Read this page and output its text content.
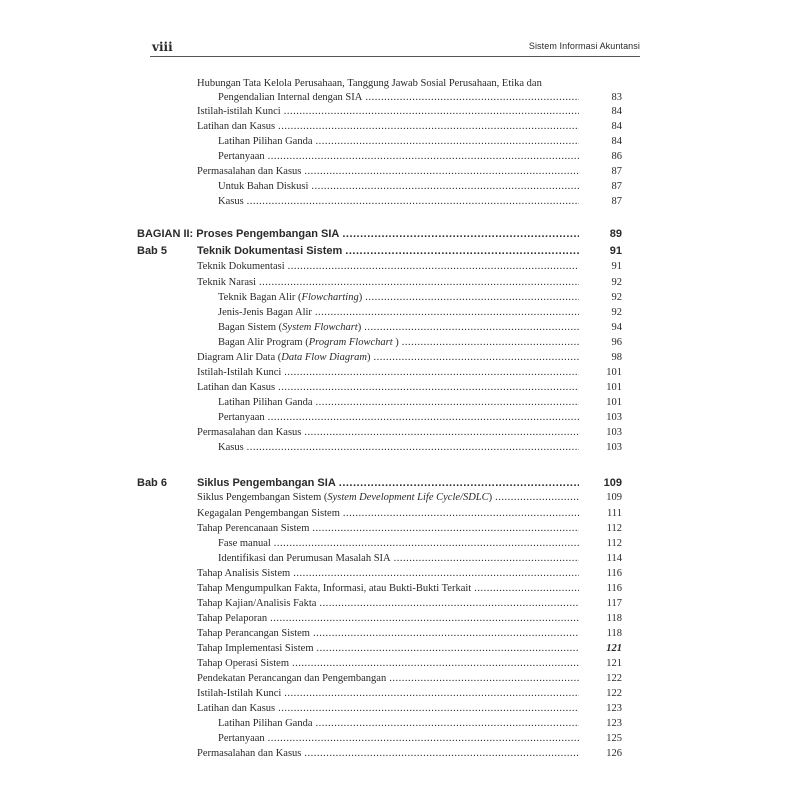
viii	Sistem Informasi Akuntansi
Hubungan Tata Kelola Perusahaan, Tanggung Jawab Sosial Perusahaan, Etika dan
Pengendalian Internal dengan SIA .....	83
Istilah-istilah Kunci .....	84
Latihan dan Kasus .....	84
Latihan Pilihan Ganda .....	84
Pertanyaan .....	86
Permasalahan dan Kasus .....	87
Untuk Bahan Diskusi .....	87
Kasus .....	87
BAGIAN II: Proses Pengembangan SIA .....	89
Bab 5	Teknik Dokumentasi Sistem .....	91
Teknik Dokumentasi .....	91
Teknik Narasi .....	92
Teknik Bagan Alir (Flowcharting) .....	92
Jenis-Jenis Bagan Alir .....	92
Bagan Sistem (System Flowchart) .....	94
Bagan Alir Program (Program Flowchart ) .....	96
Diagram Alir Data (Data Flow Diagram) .....	98
Istilah-Istilah Kunci .....	101
Latihan dan Kasus .....	101
Latihan Pilihan Ganda .....	101
Pertanyaan .....	103
Permasalahan dan Kasus .....	103
Kasus .....	103
Bab 6	Siklus Pengembangan SIA .....	109
Siklus Pengembangan Sistem (System Development Life Cycle/SDLC) .....	109
Kegagalan Pengembangan Sistem .....	111
Tahap Perencanaan Sistem .....	112
Fase manual .....	112
Identifikasi dan Perumusan Masalah SIA .....	114
Tahap Analisis Sistem .....	116
Tahap Mengumpulkan Fakta, Informasi, atau Bukti-Bukti Terkait .....	116
Tahap Kajian/Analisis Fakta .....	117
Tahap Pelaporan .....	118
Tahap Perancangan Sistem .....	118
Tahap Implementasi Sistem .....	121
Tahap Operasi Sistem .....	121
Pendekatan Perancangan dan Pengembangan .....	122
Istilah-Istilah Kunci .....	122
Latihan dan Kasus .....	123
Latihan Pilihan Ganda .....	123
Pertanyaan .....	125
Permasalahan dan Kasus .....	126
